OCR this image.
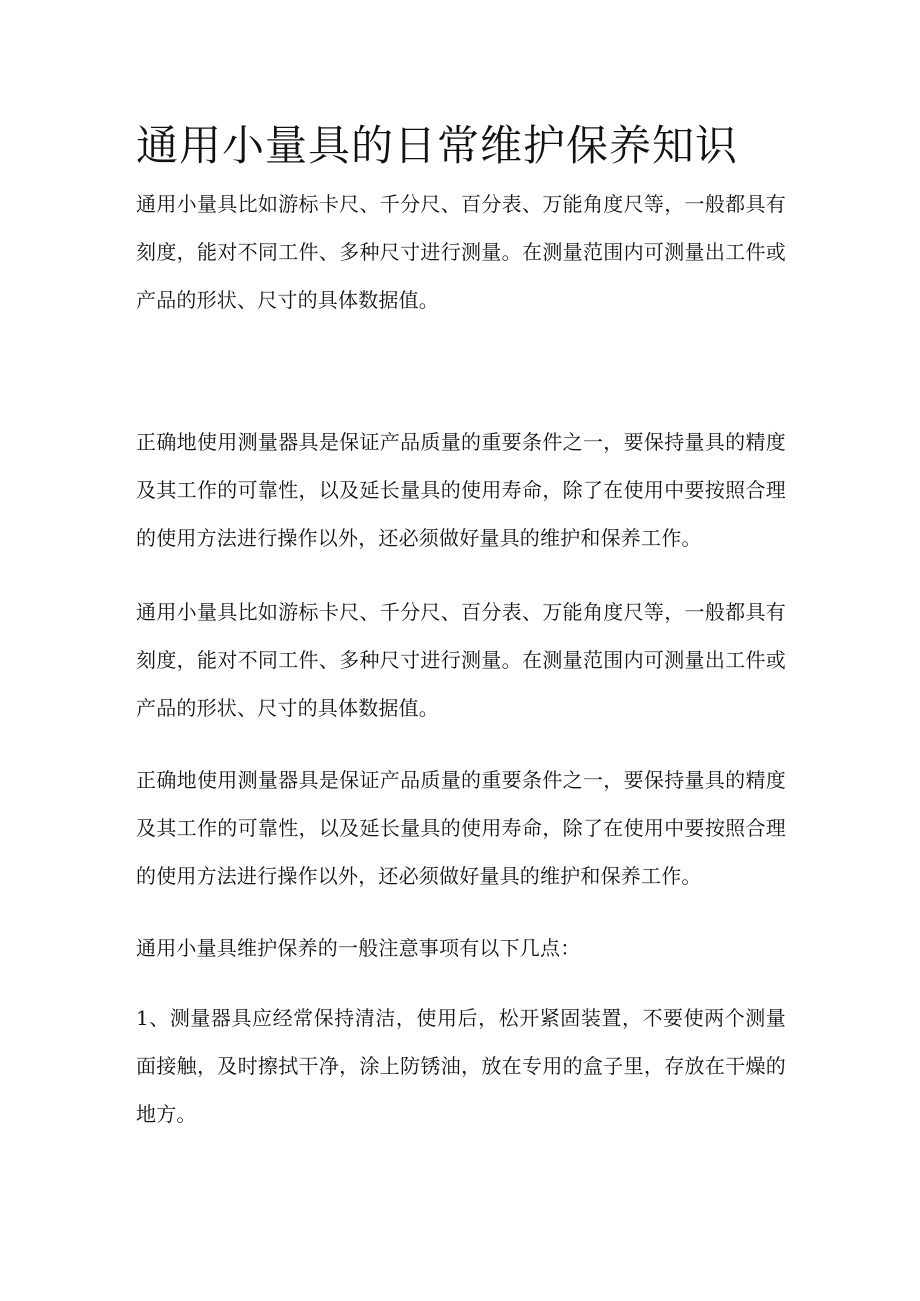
通用小量具的日常维护保养知识

通用小量具比如游标卡尺、千分尺、百分表、万能角度尺等，一般都具有刻度，能对不同工件、多种尺寸进行测量。在测量范围内可测量出工件或产品的形状、尺寸的具体数据值。

正确地使用测量器具是保证产品质量的重要条件之一，要保持量具的精度及其工作的可靠性，以及延长量具的使用寿命，除了在使用中要按照合理的使用方法进行操作以外，还必须做好量具的维护和保养工作。

通用小量具比如游标卡尺、千分尺、百分表、万能角度尺等，一般都具有刻度，能对不同工件、多种尺寸进行测量。在测量范围内可测量出工件或产品的形状、尺寸的具体数据值。

正确地使用测量器具是保证产品质量的重要条件之一，要保持量具的精度及其工作的可靠性，以及延长量具的使用寿命，除了在使用中要按照合理的使用方法进行操作以外，还必须做好量具的维护和保养工作。

通用小量具维护保养的一般注意事项有以下几点：

1、测量器具应经常保持清洁，使用后，松开紧固装置，不要使两个测量面接触，及时擦拭干净，涂上防锈油，放在专用的盒子里，存放在干燥的地方。
